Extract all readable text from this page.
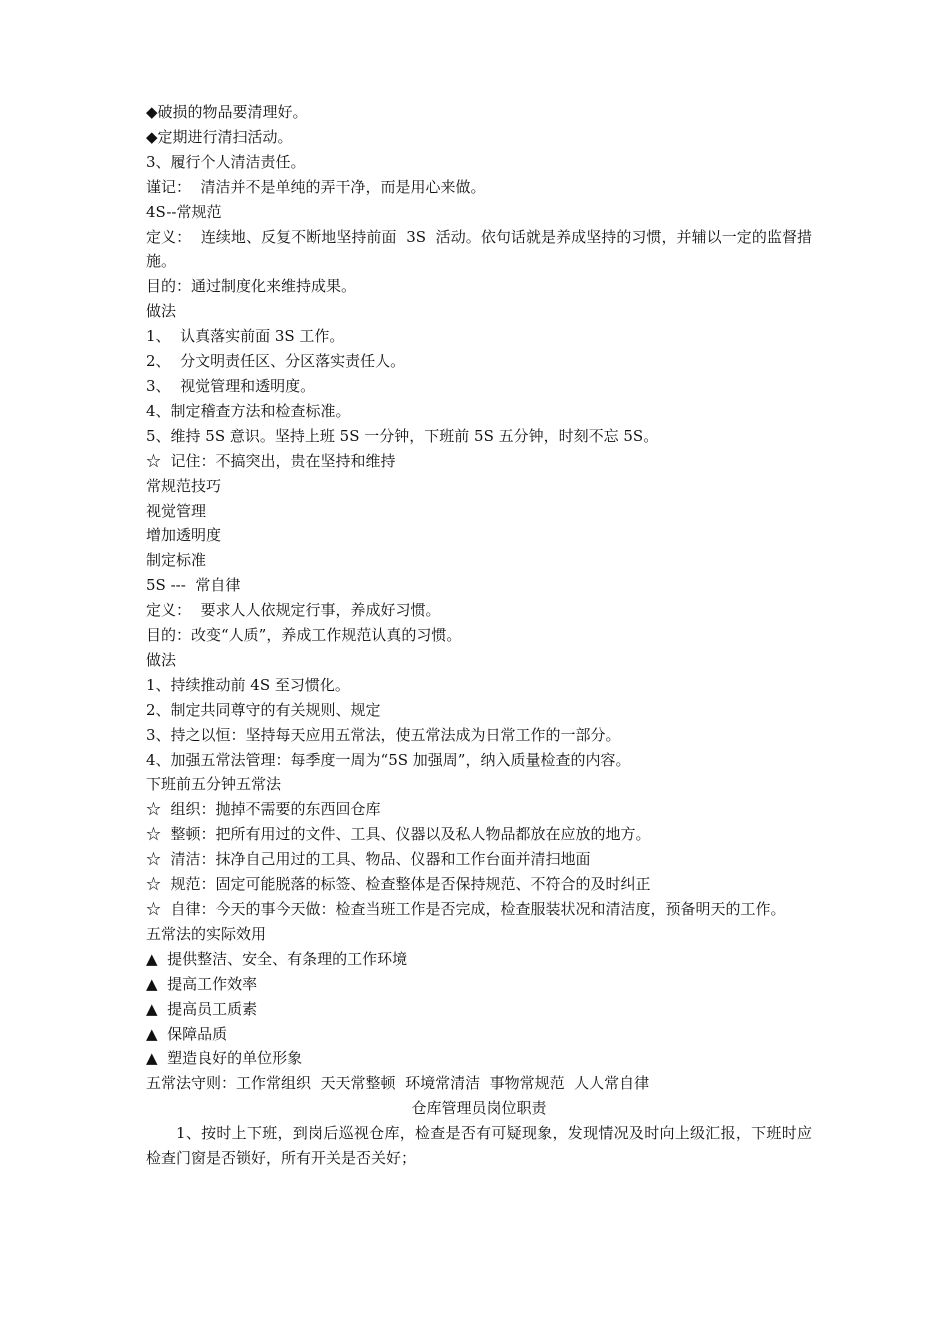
◆破损的物品要清理好。

◆定期进行清扫活动。

3、履行个人清洁责任。

谨记：  清洁并不是单纯的弄干净，而是用心来做。

4S--常规范

定义：  连续地、反复不断地坚持前面  3S  活动。依句话就是养成坚持的习惯，并辅以一定的监督措施。

目的：通过制度化来维持成果。

做法

1、  认真落实前面 3S 工作。

2、  分文明责任区、分区落实责任人。

3、  视觉管理和透明度。

4、制定稽查方法和检查标准。

5、维持 5S 意识。坚持上班 5S 一分钟，下班前 5S 五分钟，时刻不忘 5S。

☆  记住：不搞突出，贵在坚持和维持

常规范技巧

视觉管理

增加透明度

制定标准

5S ---  常自律

定义：  要求人人依规定行事，养成好习惯。

目的：改变“人质”，养成工作规范认真的习惯。

做法

1、持续推动前 4S 至习惯化。

2、制定共同尊守的有关规则、规定

3、持之以恒：坚持每天应用五常法，使五常法成为日常工作的一部分。

4、加强五常法管理：每季度一周为“5S 加强周”，纳入质量检查的内容。

下班前五分钟五常法

☆  组织：抛掉不需要的东西回仓库

☆  整顿：把所有用过的文件、工具、仪器以及私人物品都放在应放的地方。

☆  清洁：抹净自己用过的工具、物品、仪器和工作台面并清扫地面

☆  规范：固定可能脱落的标签、检查整体是否保持规范、不符合的及时纠正

☆  自律：今天的事今天做：检查当班工作是否完成，检查服装状况和清洁度，预备明天的工作。

五常法的实际效用

▲  提供整洁、安全、有条理的工作环境

▲  提高工作效率

▲  提高员工质素

▲  保障品质

▲  塑造良好的单位形象

五常法守则：工作常组织  天天常整顿  环境常清洁  事物常规范  人人常自律

仓库管理员岗位职责

1、按时上下班，到岗后巡视仓库，检查是否有可疑现象，发现情况及时向上级汇报，下班时应检查门窗是否锁好，所有开关是否关好；
